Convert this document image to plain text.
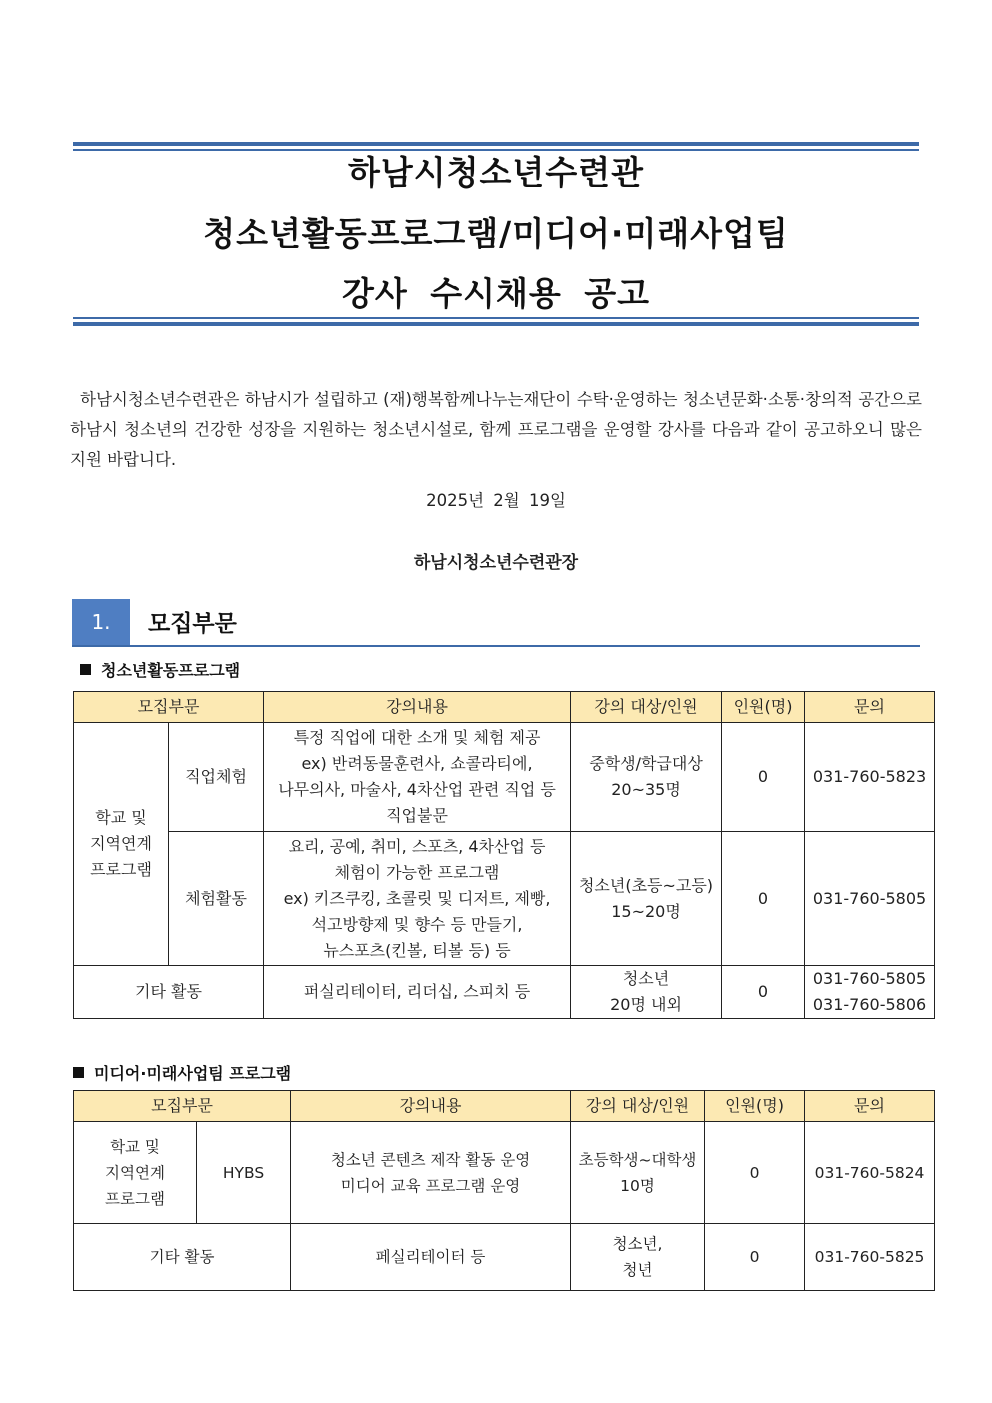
하남시청소년수련관
청소년활동프로그램/미디어·미래사업팀
강사 수시채용 공고

하남시청소년수련관은 하남시가 설립하고 (재)행복함께나누는재단이 수탁·운영하는 청소년문화·소통·창의적 공간으로 하남시 청소년의 건강한 성장을 지원하는 청소년시설로, 함께 프로그램을 운영할 강사를 다음과 같이 공고하오니 많은 지원 바랍니다.

2025년 2월 19일
하남시청소년수련관장
1.	모집부문
청소년활동프로그램
모집부문		강의내용	강의 대상/인원	인원(명)	문의
학교 및
지역연계
프로그램	직업체험	특정 직업에 대한 소개 및 체험 제공
ex) 반려동물훈련사, 쇼콜라티에,
나무의사, 마술사, 4차산업 관련 직업 등
직업불문	중학생/학급대상
20~35명	0	031-760-5823
	체험활동	요리, 공예, 취미, 스포츠, 4차산업 등
체험이 가능한 프로그램
ex) 키즈쿠킹, 초콜릿 및 디저트, 제빵,
석고방향제 및 향수 등 만들기,
뉴스포츠(킨볼, 티볼 등) 등	청소년(초등~고등)
15~20명	0	031-760-5805
기타 활동		퍼실리테이터, 리더십, 스피치 등	청소년
20명 내외	0	031-760-5805
031-760-5806
미디어·미래사업팀 프로그램
모집부문		강의내용	강의 대상/인원	인원(명)	문의
학교 및
지역연계
프로그램	HYBS	청소년 콘텐츠 제작 활동 운영
미디어 교육 프로그램 운영	초등학생~대학생
10명	0	031-760-5824
기타 활동		페실리테이터 등	청소년,
청년	0	031-760-5825
